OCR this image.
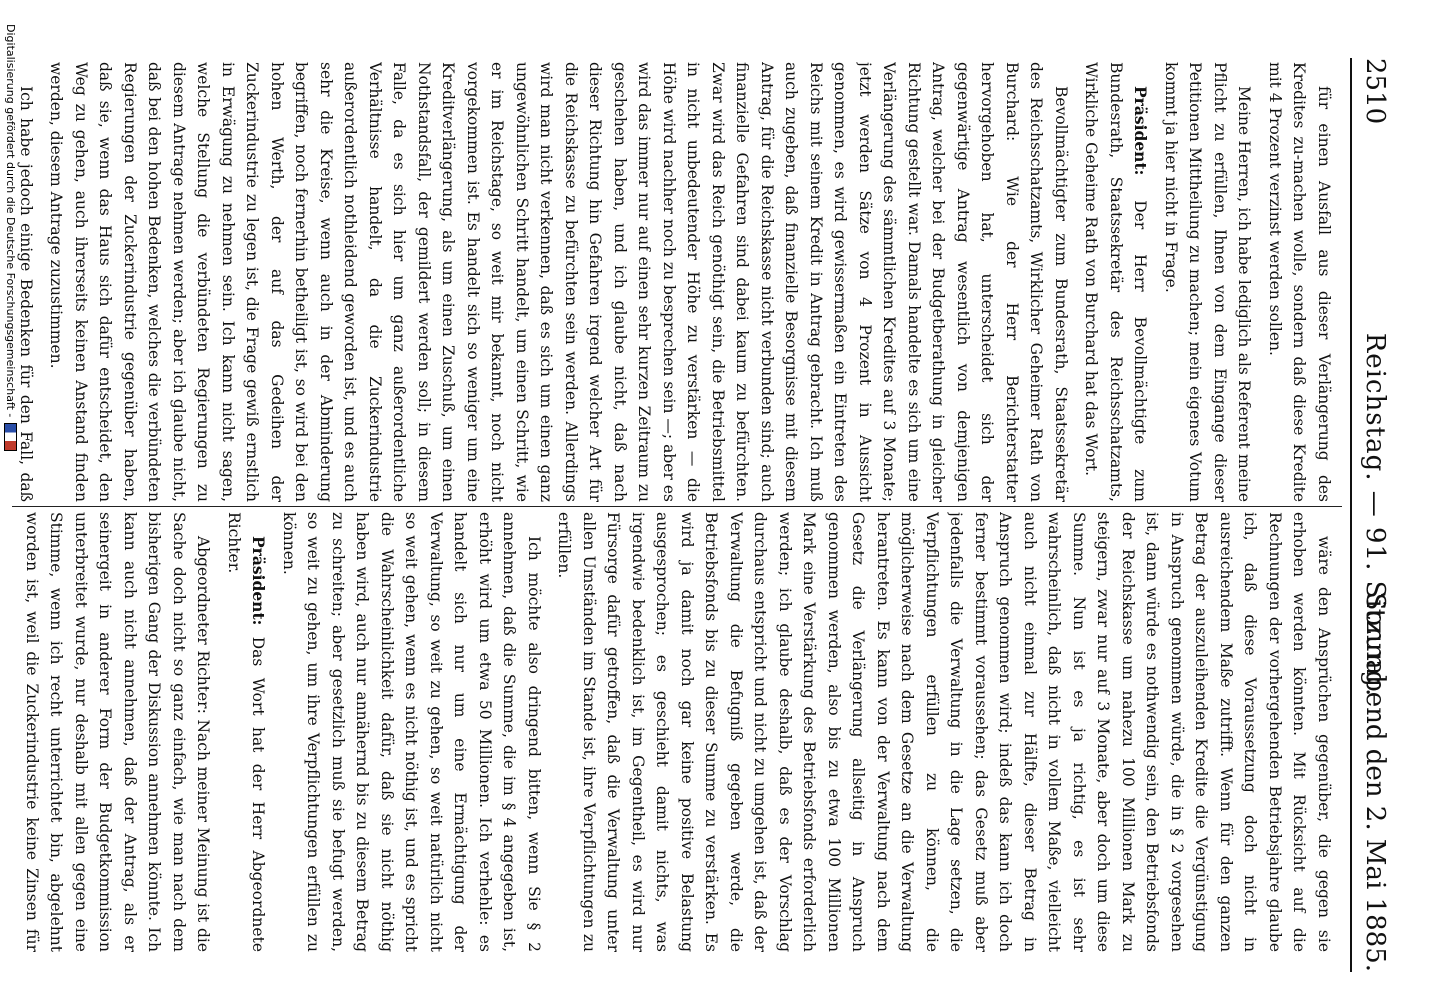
2510
Reichstag. — 91. Sitzung.
Sonnabend den 2. Mai 1885.

für einen Ausfall aus dieser Verlängerung des Kredites zu-machen wolle, sondern daß diese Kredite mit 4 Prozent verzinst werden sollen.

Meine Herren, ich habe lediglich als Referent meine Pflicht zu erfüllen, Ihnen von dem Eingange dieser Petitionen Mittheilung zu machen; mein eigenes Votum kommt ja hier nicht in Frage.

Präsident: Der Herr Bevollmächtigte zum Bundesrath, Staatssekretär des Reichsschatzamts, Wirkliche Geheime Rath von Burchard hat das Wort.

Bevollmächtigter zum Bundesrath, Staatssekretär des Reichsschatzamts, Wirklicher Geheimer Rath von Burchard: Wie der Herr Berichterstatter hervorgehoben hat, unterscheidet sich der gegenwärtige Antrag wesentlich von demjenigen Antrag, welcher bei der Budgetberathung in gleicher Richtung gestellt war. Damals handelte es sich um eine Verlängerung des sämmtlichen Kredites auf 3 Monate; jetzt werden Sätze von 4 Prozent in Aussicht genommen, es wird gewissermaßen ein Eintreten des Reichs mit seinem Kredit in Antrag gebracht. Ich muß auch zugeben, daß finanzielle Besorgnisse mit diesem Antrag, für die Reichskasse nicht verbunden sind; auch finanzielle Gefahren sind dabei kaum zu befürchten. Zwar wird das Reich genöthigt sein, die Betriebsmittel in nicht unbedeutender Höhe zu verstärken — die Höhe wird nachher noch zu besprechen sein —; aber es wird das immer nur auf einen sehr kurzen Zeitraum zu geschehen haben, und ich glaube nicht, daß nach dieser Richtung hin Gefahren irgend welcher Art für die Reichskasse zu befürchten sein werden. Allerdings wird man nicht verkennen, daß es sich um einen ganz ungewöhnlichen Schritt handelt, um einen Schritt, wie er im Reichstage, so weit mir bekannt, noch nicht vorgekommen ist. Es handelt sich so weniger um eine Kreditverlängerung, als um einen Zuschuß, um einen Nothstandsfall, der gemildert werden soll; in diesem Falle, da es sich hier um ganz außerordentliche Verhältnisse handelt, da die Zuckerindustrie außerordentlich nothleidend geworden ist, und es auch sehr die Kreise, wenn auch in der Abminderung begriffen, noch fernerhin betheiligt ist, so wird bei den hohen Werth, der auf das Gedeihen der Zuckerindustrie zu legen ist, die Frage gewiß ernstlich in Erwägung zu nehmen sein. Ich kann nicht sagen, welche Stellung die verbündeten Regierungen zu diesem Antrage nehmen werden; aber ich glaube nicht, daß bei den hohen Bedenken, welches die verbündeten Regierungen der Zuckerindustrie gegenüber haben, daß sie, wenn das Haus sich dafür entscheidet, den Weg zu gehen, auch ihrerseits keinen Anstand finden werden, diesem Antrage zuzustimmen.

Ich habe jedoch einige Bedenken für den Fall, daß

wäre den Ansprüchen gegenüber, die gegen sie erhoben werden könnten. Mit Rücksicht auf die Rechnungen der vorhergehenden Betriebsjahre glaube ich, daß diese Voraussetzung doch nicht in ausreichendem Maße zutrifft. Wenn für den ganzen Betrag der auszuleihenden Kredite die Vergünstigung in Anspruch genommen würde, die in § 2 vorgesehen ist, dann würde es nothwendig sein, den Betriebsfonds der Reichskasse um nahezu 100 Millionen Mark zu steigern, zwar nur auf 3 Monate, aber doch um diese Summe. Nun ist es ja richtig, es ist sehr wahrscheinlich, daß nicht in vollem Maße, vielleicht auch nicht einmal zur Hälfte, dieser Betrag in Anspruch genommen wird; indeß das kann ich doch ferner bestimmt voraussehen; das Gesetz muß aber jedenfalls die Verwaltung in die Lage setzen, die Verpflichtungen erfüllen zu können, die möglicherweise nach dem Gesetze an die Verwaltung herantreten. Es kann von der Verwaltung nach dem Gesetz die Verlängerung allseitig in Anspruch genommen werden, also bis zu etwa 100 Millionen Mark eine Verstärkung des Betriebsfonds erforderlich werden; ich glaube deshalb, daß es der Vorschlag durchaus entspricht und nicht zu umgehen ist, daß der Verwaltung die Befugniß gegeben werde, die Betriebsfonds bis zu dieser Summe zu verstärken. Es wird ja damit noch gar keine positive Belastung ausgesprochen; es geschieht damit nichts, was irgendwie bedenklich ist, im Gegentheil, es wird nur Fürsorge dafür getroffen, daß die Verwaltung unter allen Umständen im Stande ist, ihre Verpflichtungen zu erfüllen.

Ich möchte also dringend bitten, wenn Sie § 2 annehmen, daß die Summe, die im § 4 angegeben ist, erhöht wird um etwa 50 Millionen. Ich verhehle: es handelt sich nur um eine Ermächtigung der Verwaltung, so weit zu gehen, so weit natürlich nicht so weit gehen, wenn es nicht nöthig ist, und es spricht die Wahrscheinlichkeit dafür, daß sie nicht nöthig haben wird, auch nur annähernd bis zu diesem Betrag zu schreiten; aber gesetzlich muß sie befugt werden, so weit zu gehen, um ihre Verpflichtungen erfüllen zu können.

Präsident: Das Wort hat der Herr Abgeordnete Richter.

Abgeordneter Richter: Nach meiner Meinung ist die Sache doch nicht so ganz einfach, wie man nach dem bisherigen Gang der Diskussion annehmen könnte. Ich kann auch nicht annehmen, daß der Antrag, als er seinergeit in anderer Form der Budgetkommission unterbreitet wurde, nur deshalb mit allen gegen eine Stimme, wenn ich recht unterrichtet bin, abgelehnt worden ist, weil die Zuckerindustrie keine Zinsen für

Digitalisierung gefördert durch die Deutsche Forschungsgemeinschaft -
